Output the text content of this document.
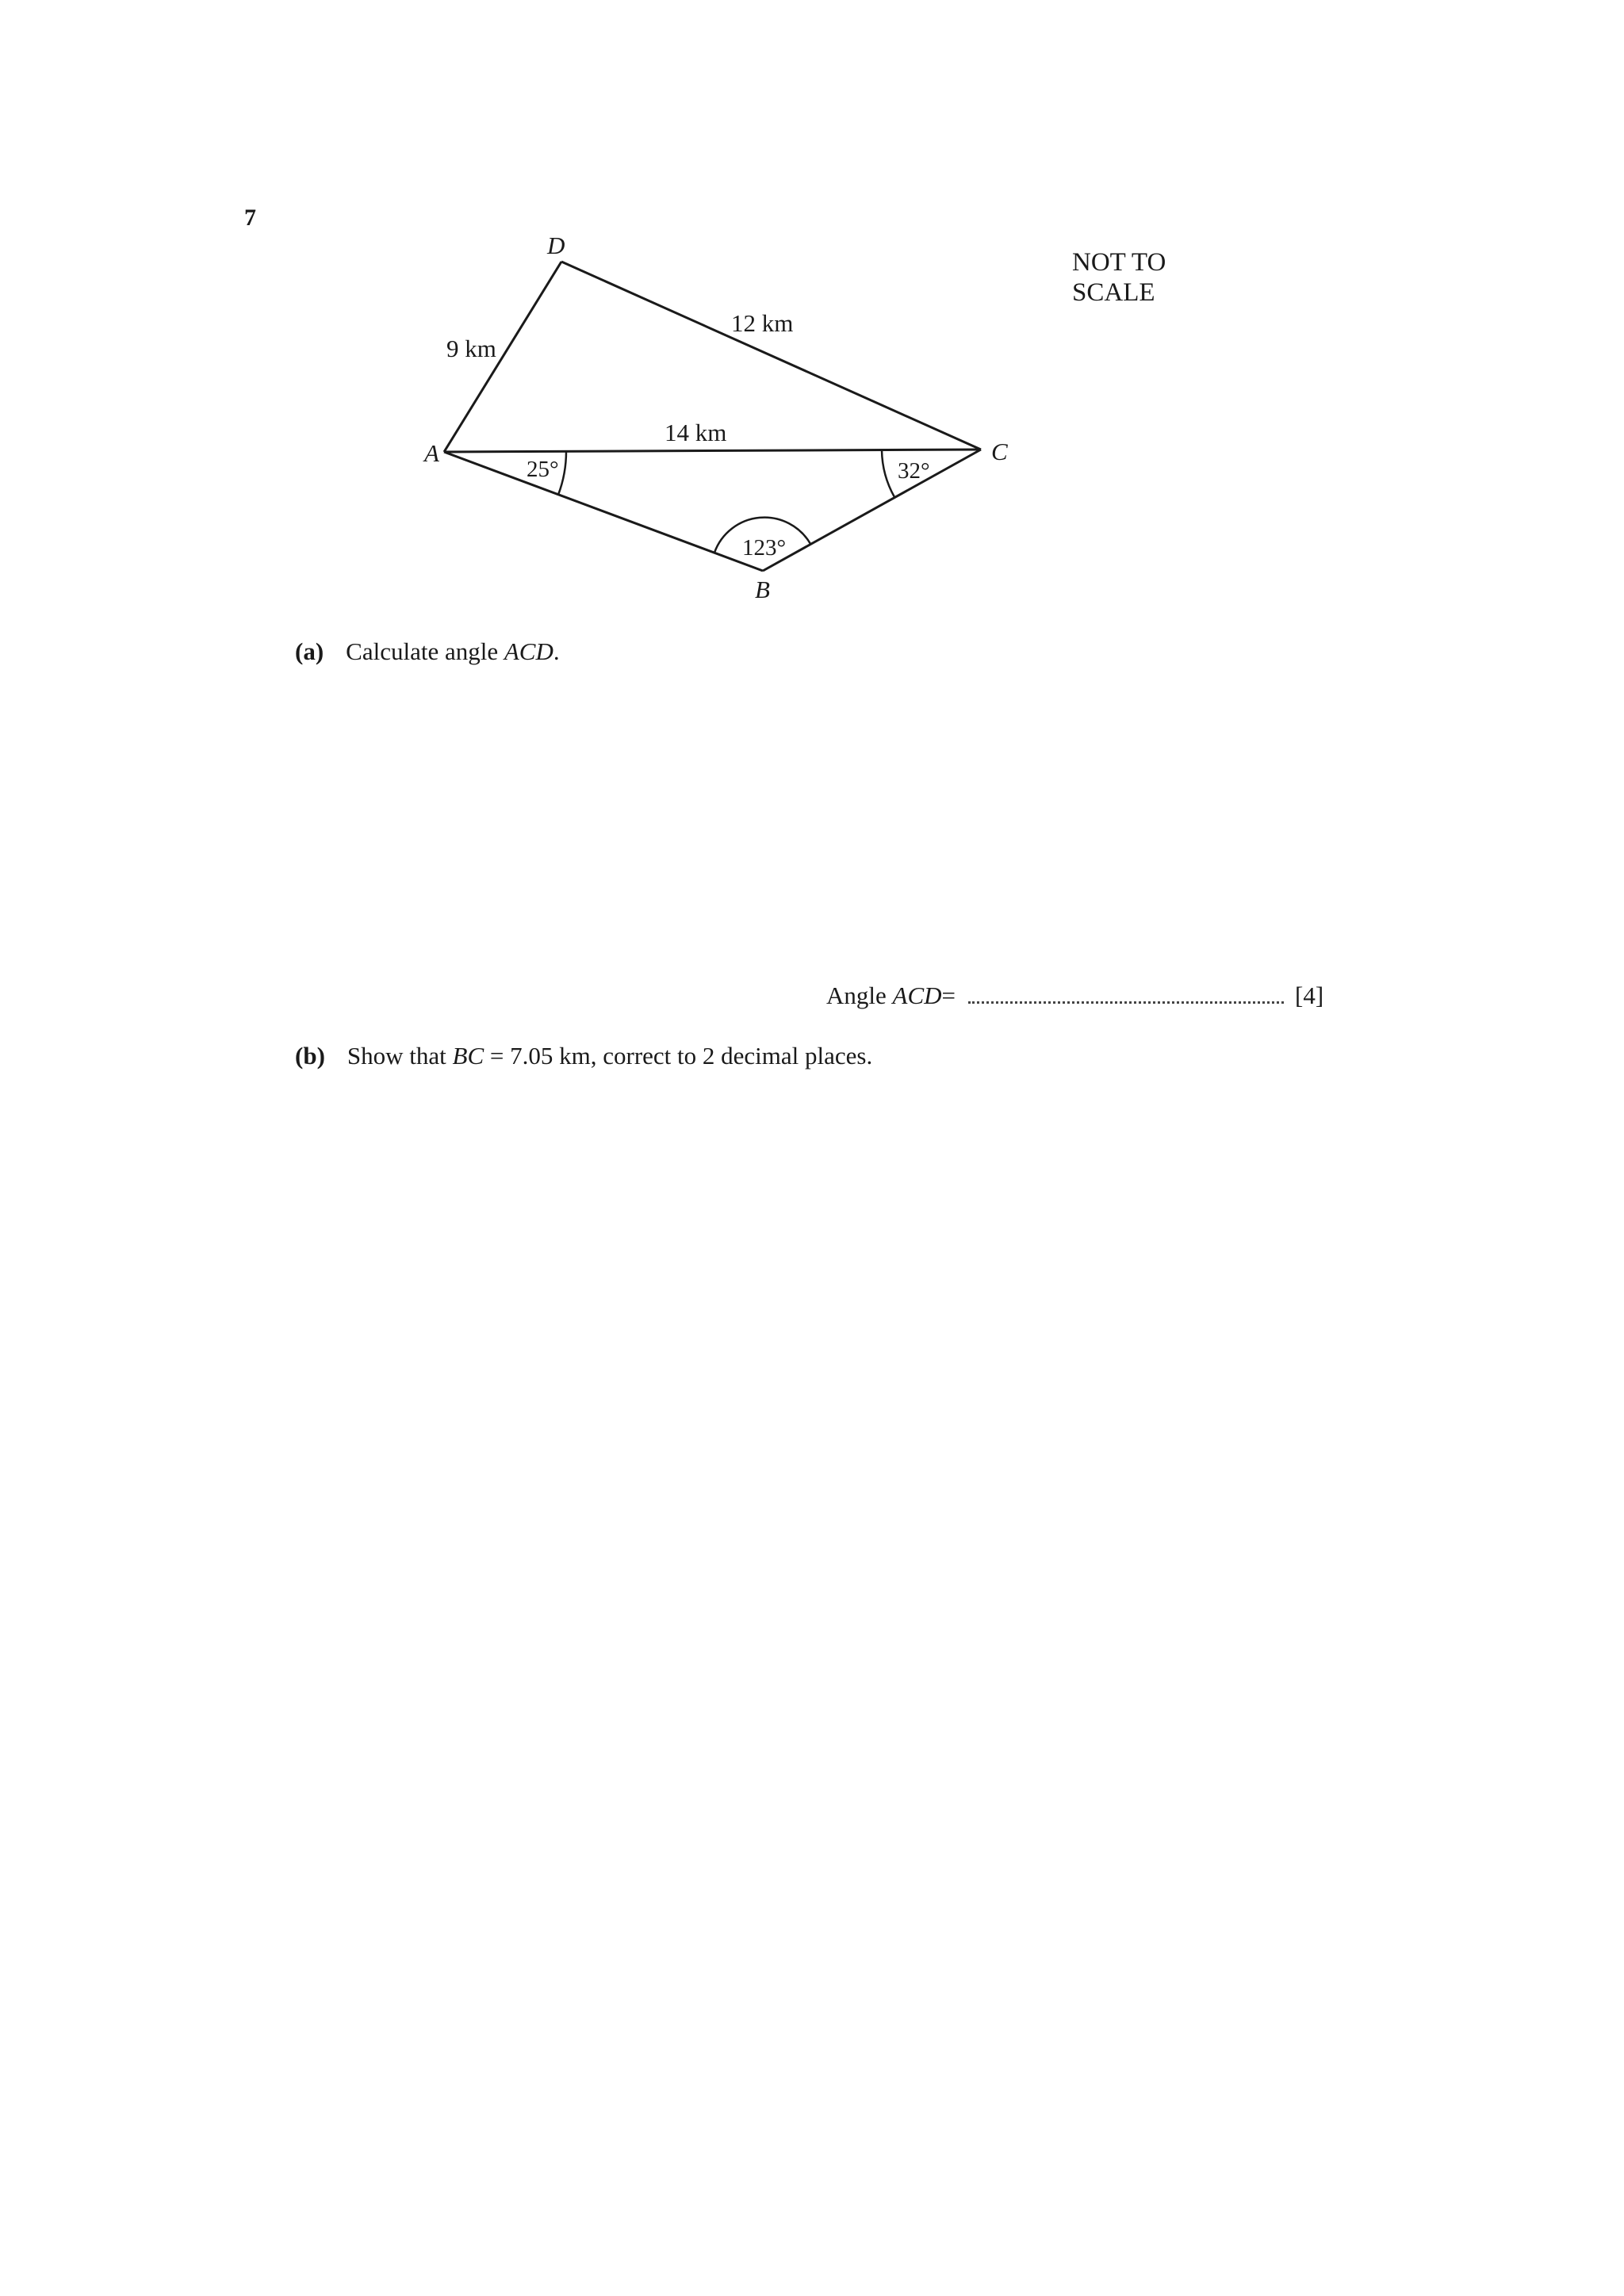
7
D
A	C
B
9 km
12 km
14 km
25°	32°
123°
NOT TO
SCALE
(a) Calculate angle ACD.
Angle
ACD =	[4]
(b) Show that BC = 7.05 km, correct to 2 decimal places.
